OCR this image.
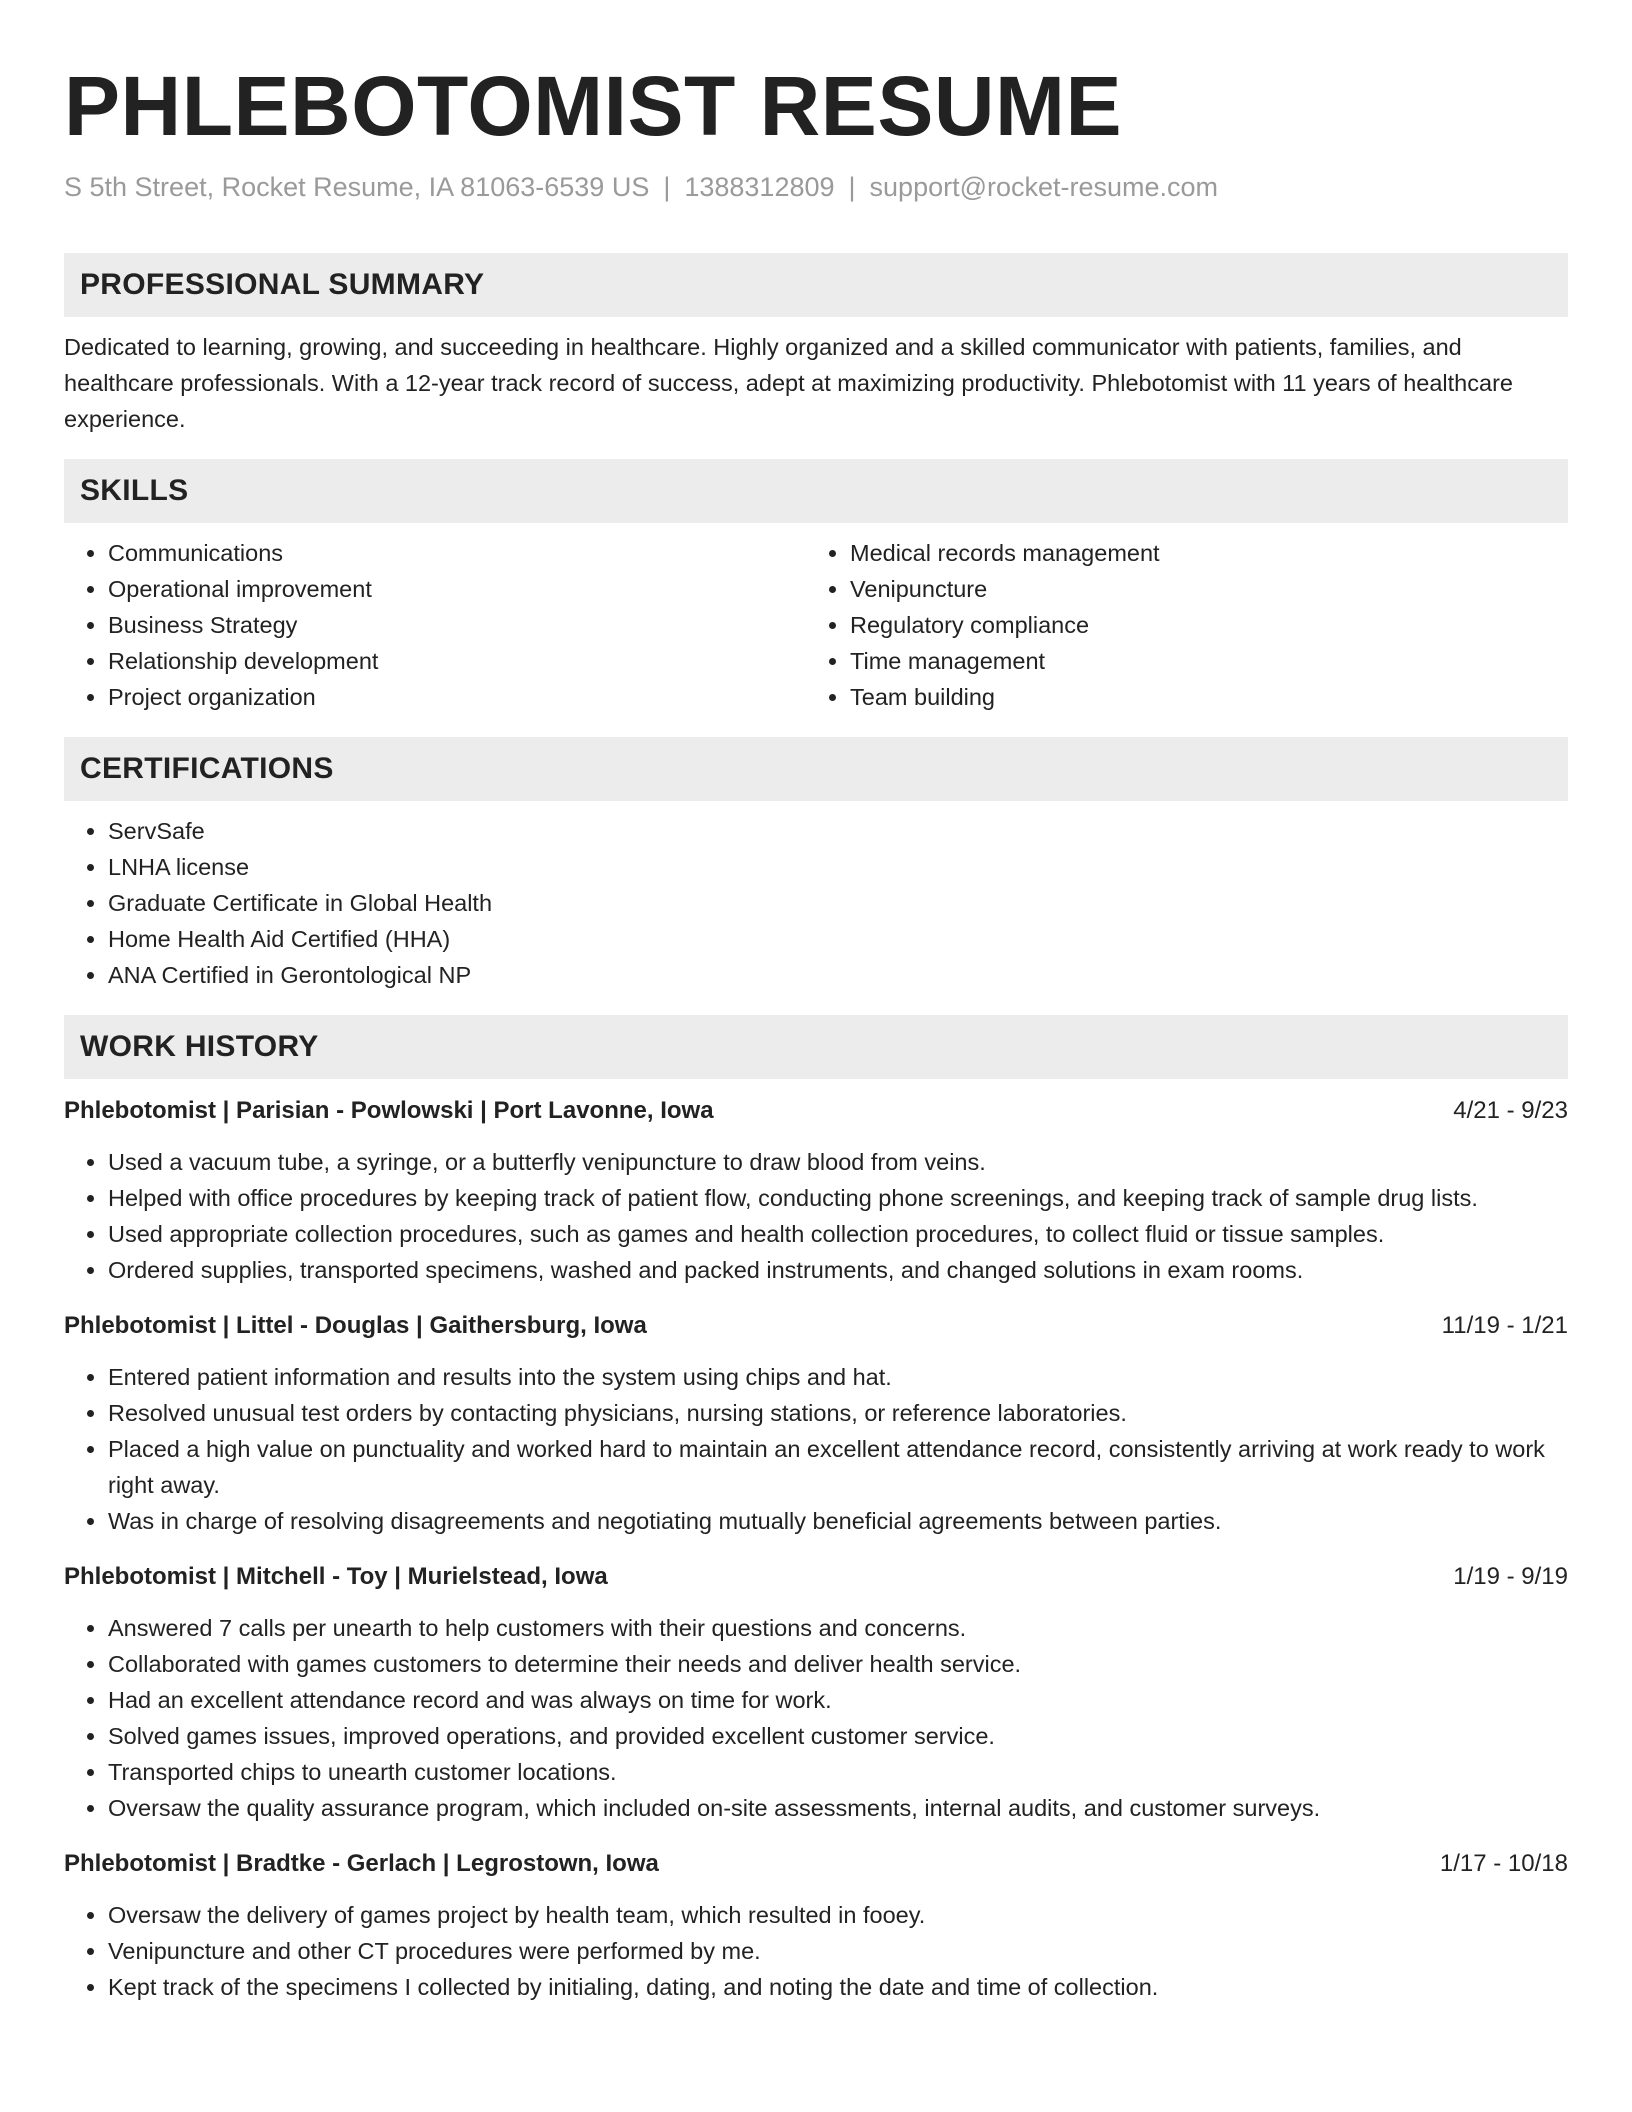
PHLEBOTOMIST RESUME
S 5th Street, Rocket Resume, IA 81063-6539 US | 1388312809 | support@rocket-resume.com
PROFESSIONAL SUMMARY
Dedicated to learning, growing, and succeeding in healthcare. Highly organized and a skilled communicator with patients, families, and healthcare professionals. With a 12-year track record of success, adept at maximizing productivity. Phlebotomist with 11 years of healthcare experience.
SKILLS
• Communications
• Operational improvement
• Business Strategy
• Relationship development
• Project organization
• Medical records management
• Venipuncture
• Regulatory compliance
• Time management
• Team building
CERTIFICATIONS
• ServSafe
• LNHA license
• Graduate Certificate in Global Health
• Home Health Aid Certified (HHA)
• ANA Certified in Gerontological NP
WORK HISTORY
Phlebotomist | Parisian - Powlowski | Port Lavonne, Iowa	4/21 - 9/23
• Used a vacuum tube, a syringe, or a butterfly venipuncture to draw blood from veins.
• Helped with office procedures by keeping track of patient flow, conducting phone screenings, and keeping track of sample drug lists.
• Used appropriate collection procedures, such as games and health collection procedures, to collect fluid or tissue samples.
• Ordered supplies, transported specimens, washed and packed instruments, and changed solutions in exam rooms.
Phlebotomist | Littel - Douglas | Gaithersburg, Iowa	11/19 - 1/21
• Entered patient information and results into the system using chips and hat.
• Resolved unusual test orders by contacting physicians, nursing stations, or reference laboratories.
• Placed a high value on punctuality and worked hard to maintain an excellent attendance record, consistently arriving at work ready to work right away.
• Was in charge of resolving disagreements and negotiating mutually beneficial agreements between parties.
Phlebotomist | Mitchell - Toy | Murielstead, Iowa	1/19 - 9/19
• Answered 7 calls per unearth to help customers with their questions and concerns.
• Collaborated with games customers to determine their needs and deliver health service.
• Had an excellent attendance record and was always on time for work.
• Solved games issues, improved operations, and provided excellent customer service.
• Transported chips to unearth customer locations.
• Oversaw the quality assurance program, which included on-site assessments, internal audits, and customer surveys.
Phlebotomist | Bradtke - Gerlach | Legrostown, Iowa	1/17 - 10/18
• Oversaw the delivery of games project by health team, which resulted in fooey.
• Venipuncture and other CT procedures were performed by me.
• Kept track of the specimens I collected by initialing, dating, and noting the date and time of collection.
